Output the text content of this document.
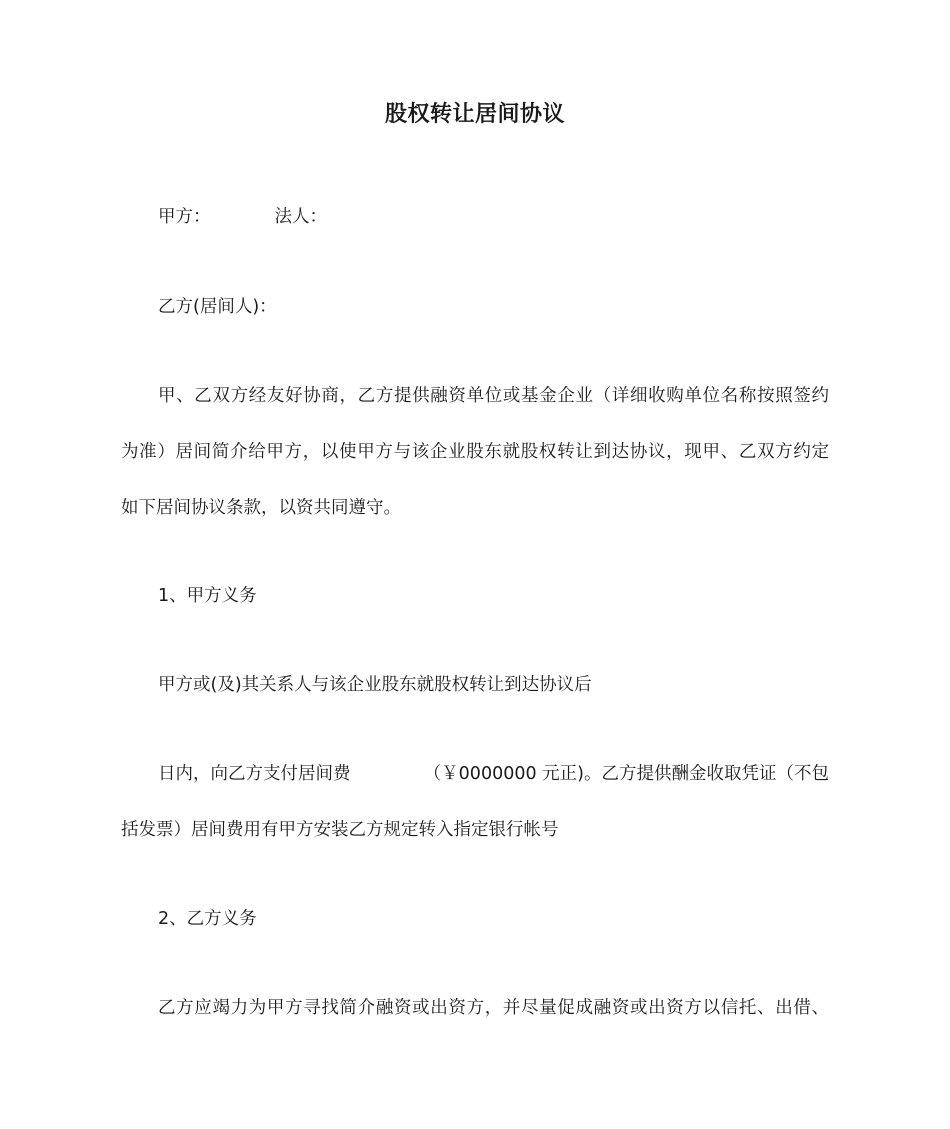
股权转让居间协议
甲方：	法人：
乙方(居间人)：
甲、乙双方经友好协商，乙方提供融资单位或基金企业（详细收购单位名称按照签约
为准）居间简介给甲方，以使甲方与该企业股东就股权转让到达协议，现甲、乙双方约定
如下居间协议条款，以资共同遵守。
1、甲方义务
甲方或(及)其关系人与该企业股东就股权转让到达协议后
日内，向乙方支付居间费	（￥0000000 元正)。乙方提供酬金收取凭证（不包
括发票）居间费用有甲方安装乙方规定转入指定银行帐号
2、乙方义务
乙方应竭力为甲方寻找简介融资或出资方，并尽量促成融资或出资方以信托、出借、
